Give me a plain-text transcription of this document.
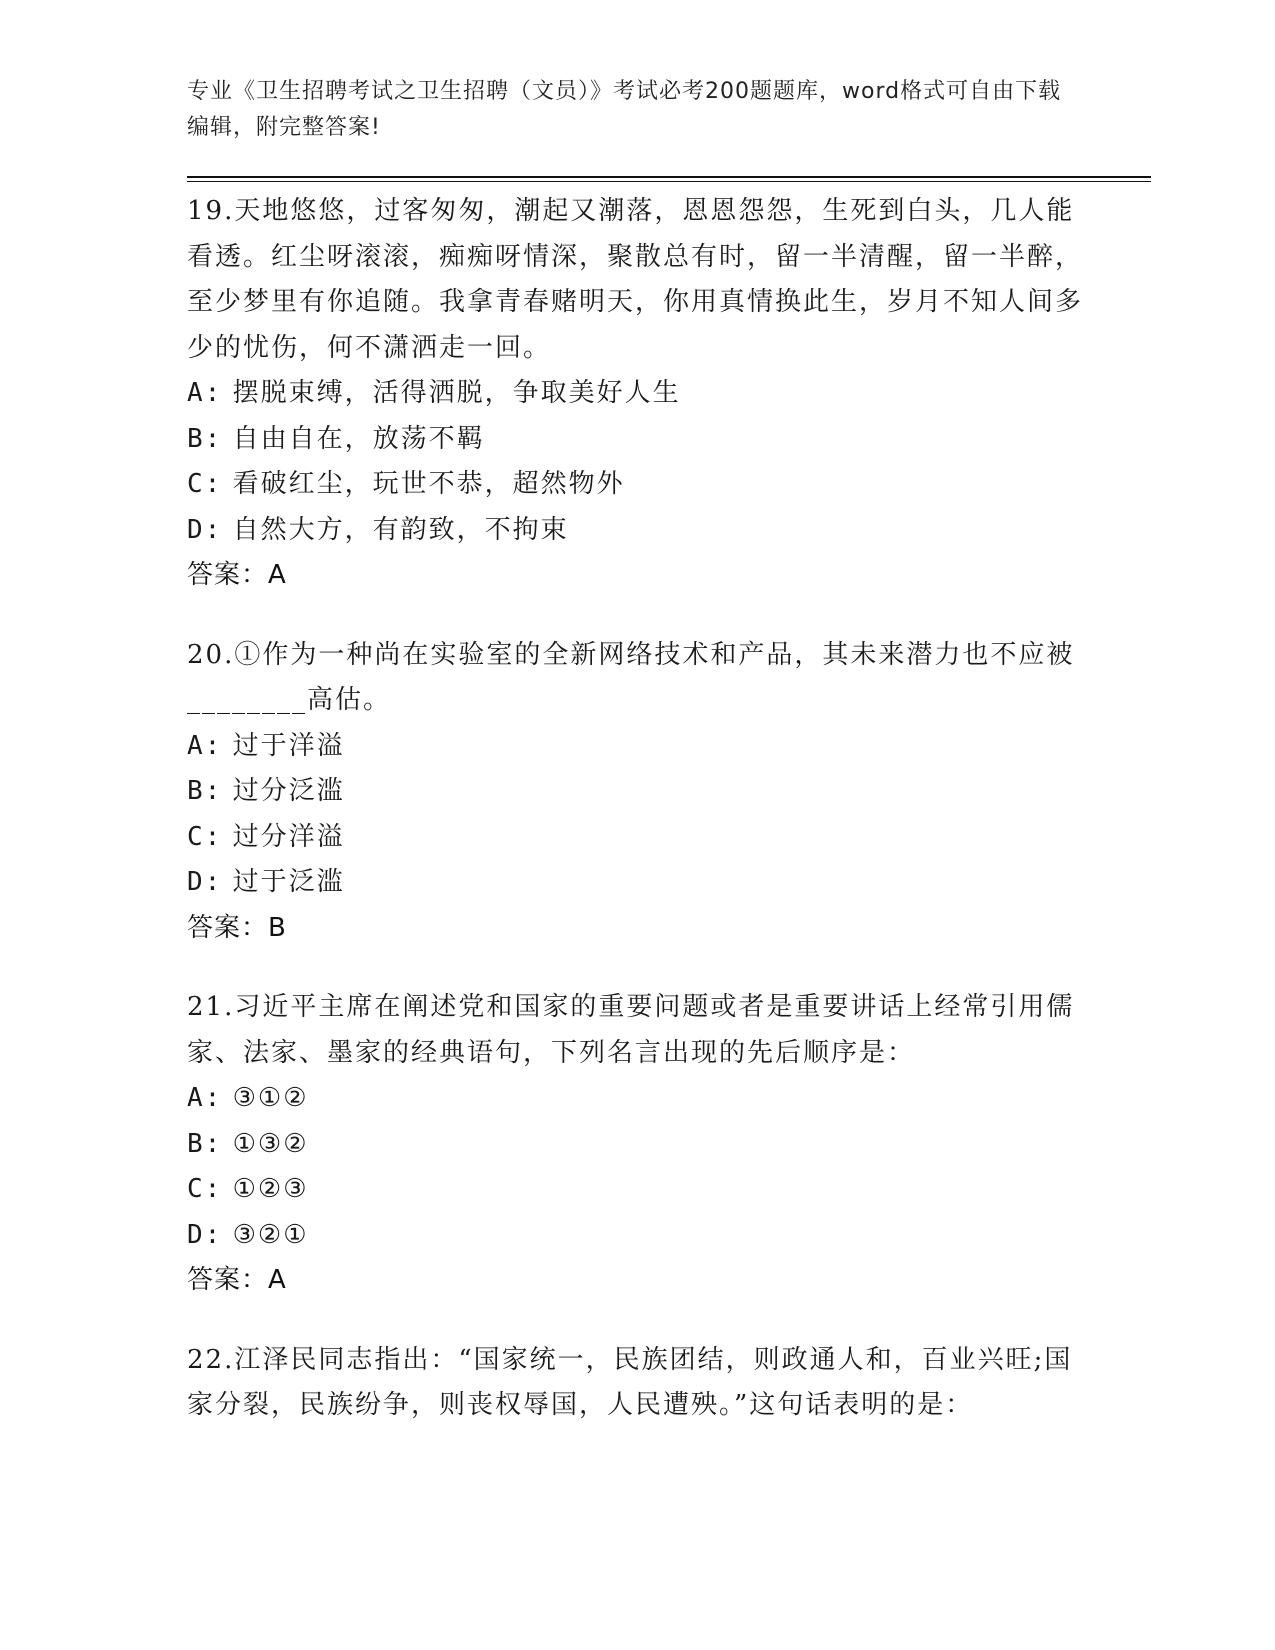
专业《卫生招聘考试之卫生招聘（文员）》考试必考200题题库，word格式可自由下载编辑，附完整答案!
19.天地悠悠，过客匆匆，潮起又潮落，恩恩怨怨，生死到白头，几人能看透。红尘呀滚滚，痴痴呀情深，聚散总有时，留一半清醒，留一半醉，至少梦里有你追随。我拿青春赌明天，你用真情换此生，岁月不知人间多少的忧伤，何不潇洒走一回。
A: 摆脱束缚，活得洒脱，争取美好人生
B: 自由自在，放荡不羁
C: 看破红尘，玩世不恭，超然物外
D: 自然大方，有韵致，不拘束
答案：A
20.①作为一种尚在实验室的全新网络技术和产品，其未来潜力也不应被________高估。
A: 过于洋溢
B: 过分泛滥
C: 过分洋溢
D: 过于泛滥
答案：B
21.习近平主席在阐述党和国家的重要问题或者是重要讲话上经常引用儒家、法家、墨家的经典语句，下列名言出现的先后顺序是：
A: ③①②
B: ①③②
C: ①②③
D: ③②①
答案：A
22.江泽民同志指出：“国家统一，民族团结，则政通人和，百业兴旺;国家分裂，民族纷争，则丧权辱国，人民遭殃。”这句话表明的是：
